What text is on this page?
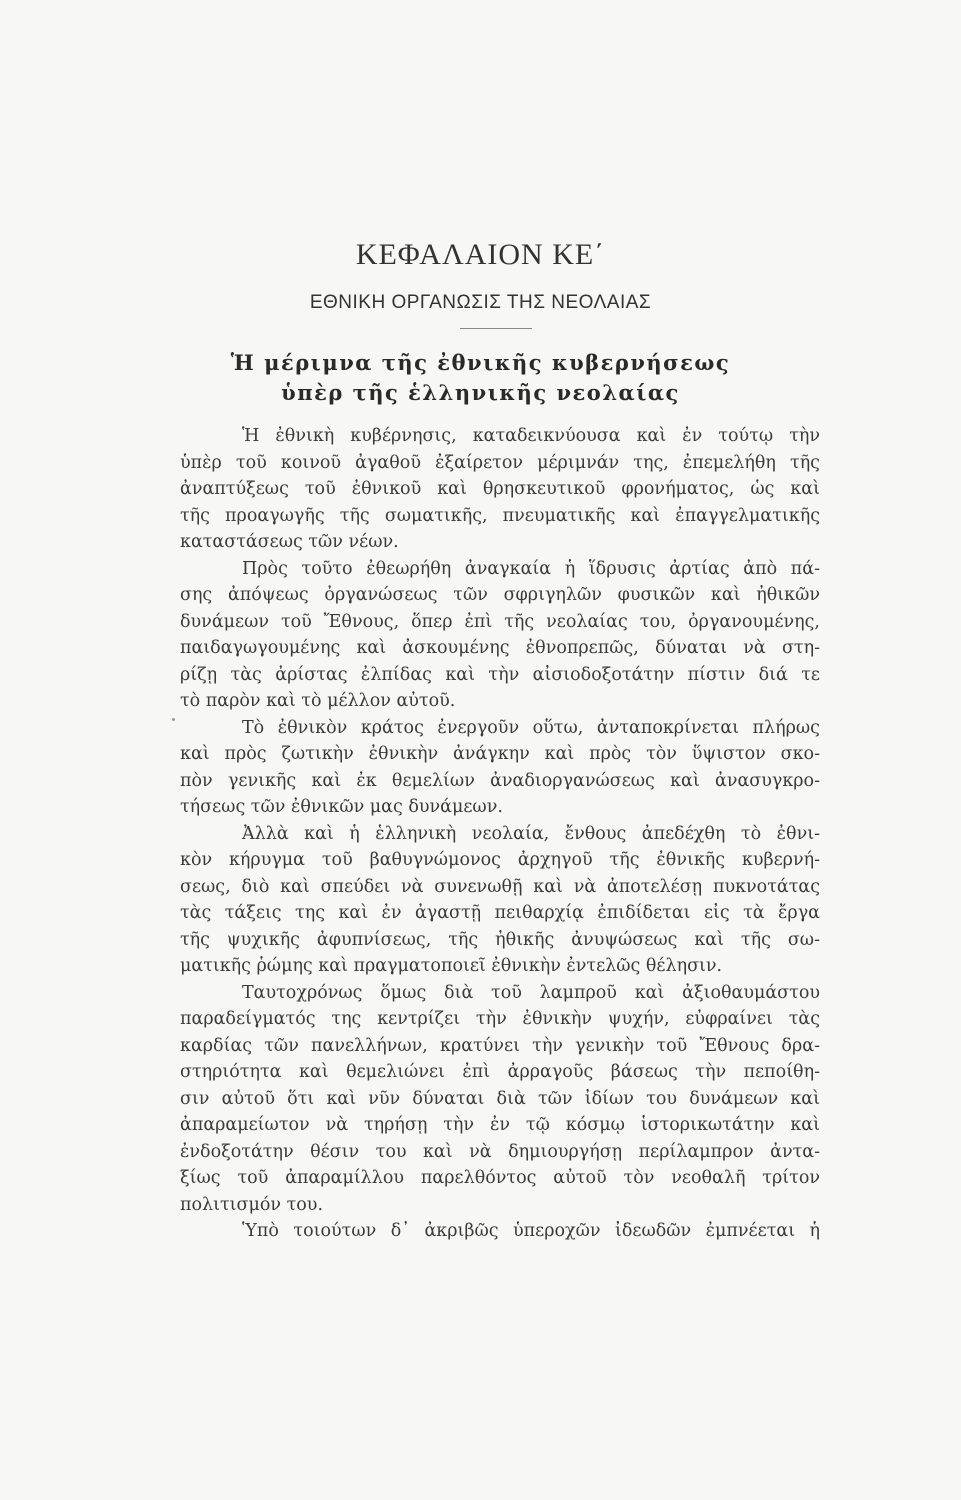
ΚΕΦΑΛΑΙΟΝ ΚΕ΄
ΕΘΝΙΚΗ ΟΡΓΑΝΩΣΙΣ ΤΗΣ ΝΕΟΛΑΙΑΣ
Ἡ μέριμνα τῆς ἐθνικῆς κυβερνήσεως
ὑπὲρ τῆς ἑλληνικῆς νεολαίας
Ἡ ἐθνικὴ κυβέρνησις, καταδεικνύουσα καὶ ἐν τούτῳ τὴν
ὑπὲρ τοῦ κοινοῦ ἀγαθοῦ ἐξαίρετον μέριμνάν της, ἐπεμελήθη τῆς
ἀναπτύξεως τοῦ ἐθνικοῦ καὶ θρησκευτικοῦ φρονήματος, ὡς καὶ
τῆς προαγωγῆς τῆς σωματικῆς, πνευματικῆς καὶ ἐπαγγελματικῆς
καταστάσεως τῶν νέων.
Πρὸς τοῦτο ἐθεωρήθη ἀναγκαία ἡ ἵδρυσις ἀρτίας ἀπὸ πά-
σης ἀπόψεως ὀργανώσεως τῶν σφριγηλῶν φυσικῶν καὶ ἠθικῶν
δυνάμεων τοῦ Ἔθνους, ὅπερ ἐπὶ τῆς νεολαίας του, ὀργανουμένης,
παιδαγωγουμένης καὶ ἀσκουμένης ἐθνοπρεπῶς, δύναται νὰ στη-
ρίζῃ τὰς ἀρίστας ἐλπίδας καὶ τὴν αἰσιοδοξοτάτην πίστιν διά τε
τὸ παρὸν καὶ τὸ μέλλον αὐτοῦ.
Τὸ ἐθνικὸν κράτος ἐνεργοῦν οὕτω, ἀνταποκρίνεται πλήρως
καὶ πρὸς ζωτικὴν ἐθνικὴν ἀνάγκην καὶ πρὸς τὸν ὕψιστον σκο-
πὸν γενικῆς καὶ ἐκ θεμελίων ἀναδιοργανώσεως καὶ ἀνασυγκρο-
τήσεως τῶν ἐθνικῶν μας δυνάμεων.
Ἀλλὰ καὶ ἡ ἑλληνικὴ νεολαία, ἔνθους ἀπεδέχθη τὸ ἐθνι-
κὸν κήρυγμα τοῦ βαθυγνώμονος ἀρχηγοῦ τῆς ἐθνικῆς κυβερνή-
σεως, διὸ καὶ σπεύδει νὰ συνενωθῇ καὶ νὰ ἀποτελέσῃ πυκνοτάτας
τὰς τάξεις της καὶ ἐν ἀγαστῇ πειθαρχίᾳ ἐπιδίδεται εἰς τὰ ἔργα
τῆς ψυχικῆς ἀφυπνίσεως, τῆς ἠθικῆς ἀνυψώσεως καὶ τῆς σω-
ματικῆς ῥώμης καὶ πραγματοποιεῖ ἐθνικὴν ἐντελῶς θέλησιν.
Ταυτοχρόνως ὅμως διὰ τοῦ λαμπροῦ καὶ ἀξιοθαυμάστου
παραδείγματός της κεντρίζει τὴν ἐθνικὴν ψυχήν, εὐφραίνει τὰς
καρδίας τῶν πανελλήνων, κρατύνει τὴν γενικὴν τοῦ Ἔθνους δρα-
στηριότητα καὶ θεμελιώνει ἐπὶ ἀρραγοῦς βάσεως τὴν πεποίθη-
σιν αὐτοῦ ὅτι καὶ νῦν δύναται διὰ τῶν ἰδίων του δυνάμεων καὶ
ἀπαραμείωτον νὰ τηρήσῃ τὴν ἐν τῷ κόσμῳ ἱστορικωτάτην καὶ
ἐνδοξοτάτην θέσιν του καὶ νὰ δημιουργήσῃ περίλαμπρον ἀντα-
ξίως τοῦ ἀπαραμίλλου παρελθόντος αὐτοῦ τὸν νεοθαλῆ τρίτον
πολιτισμόν του.
Ὑπὸ τοιούτων δ᾽ ἀκριβῶς ὑπεροχῶν ἰδεωδῶν ἐμπνέεται ἡ
